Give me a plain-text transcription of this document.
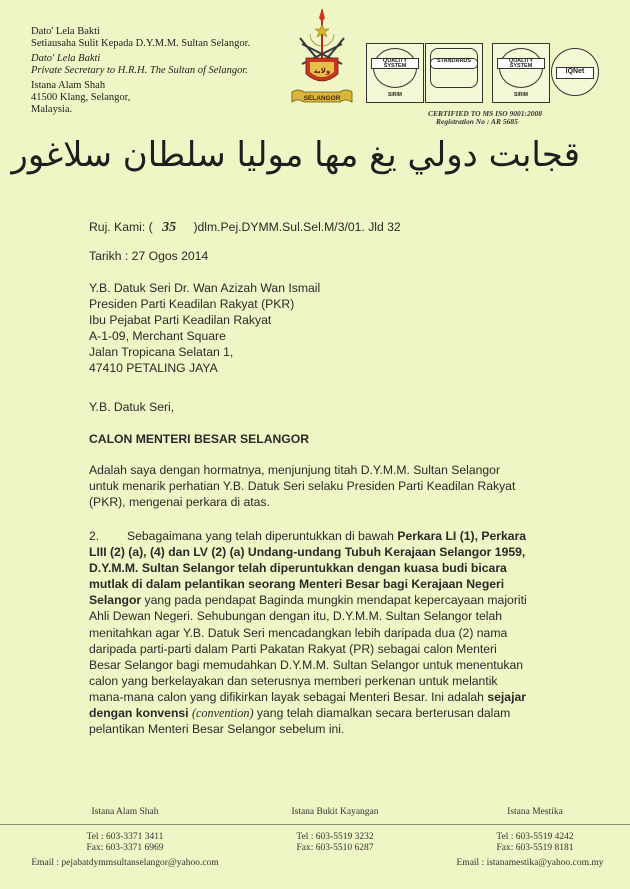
Dato' Lela Bakti
Setiausaha Sulit Kepada D.Y.M.M. Sultan Selangor.
Dato' Lela Bakti
Private Secretary to H.R.H. The Sultan of Selangor.
Istana Alam Shah
41500 Klang, Selangor,
Malaysia.
ﻭﻻﻳﺔ
SELANGOR
QUALITY SYSTEM
SIRIM
STANDARDS	QUALITY SYSTEM
SIRIM
IQNet
CERTIFIED TO MS ISO 9001:2008
Registration No : AR 5685
قجابت دولي يغ مها موليا سلطان سلاغور
Ruj. Kami: ( 35 )dlm.Pej.DYMM.Sul.Sel.M/3/01. Jld 32
Tarikh : 27 Ogos 2014
Y.B. Datuk Seri Dr. Wan Azizah Wan Ismail
Presiden Parti Keadilan Rakyat (PKR)
Ibu Pejabat Parti Keadilan Rakyat
A-1-09, Merchant Square
Jalan Tropicana Selatan 1,
47410 PETALING JAYA
Y.B. Datuk Seri,
CALON MENTERI BESAR SELANGOR
Adalah saya dengan hormatnya, menjunjung titah D.Y.M.M. Sultan Selangor
untuk menarik perhatian Y.B. Datuk Seri selaku Presiden Parti Keadilan Rakyat
(PKR), mengenai perkara di atas.
2. Sebagaimana yang telah diperuntukkan di bawah Perkara LI (1), Perkara
LIII (2) (a), (4) dan LV (2) (a) Undang-undang Tubuh Kerajaan Selangor 1959,
D.Y.M.M. Sultan Selangor telah diperuntukkan dengan kuasa budi bicara
mutlak di dalam pelantikan seorang Menteri Besar bagi Kerajaan Negeri
Selangor yang pada pendapat Baginda mungkin mendapat kepercayaan majoriti
Ahli Dewan Negeri. Sehubungan dengan itu, D.Y.M.M. Sultan Selangor telah
menitahkan agar Y.B. Datuk Seri mencadangkan lebih daripada dua (2) nama
daripada parti-parti dalam Parti Pakatan Rakyat (PR) sebagai calon Menteri
Besar Selangor bagi memudahkan D.Y.M.M. Sultan Selangor untuk menentukan
calon yang berkelayakan dan seterusnya memberi perkenan untuk melantik
mana-mana calon yang difikirkan layak sebagai Menteri Besar. Ini adalah sejajar
dengan konvensi (convention) yang telah diamalkan secara berterusan dalam
pelantikan Menteri Besar Selangor sebelum ini.
Istana Alam Shah
Tel : 603-3371 3411
Fax: 603-3371 6969
Email : pejabatdymmsultanselangor@yahoo.com
Istana Bukit Kayangan
Tel : 603-5519 3232
Fax: 603-5510 6287
Istana Mestika
Tel : 603-5519 4242
Fax: 603-5519 8181
Email : istanamestika@yahoo.com.my
